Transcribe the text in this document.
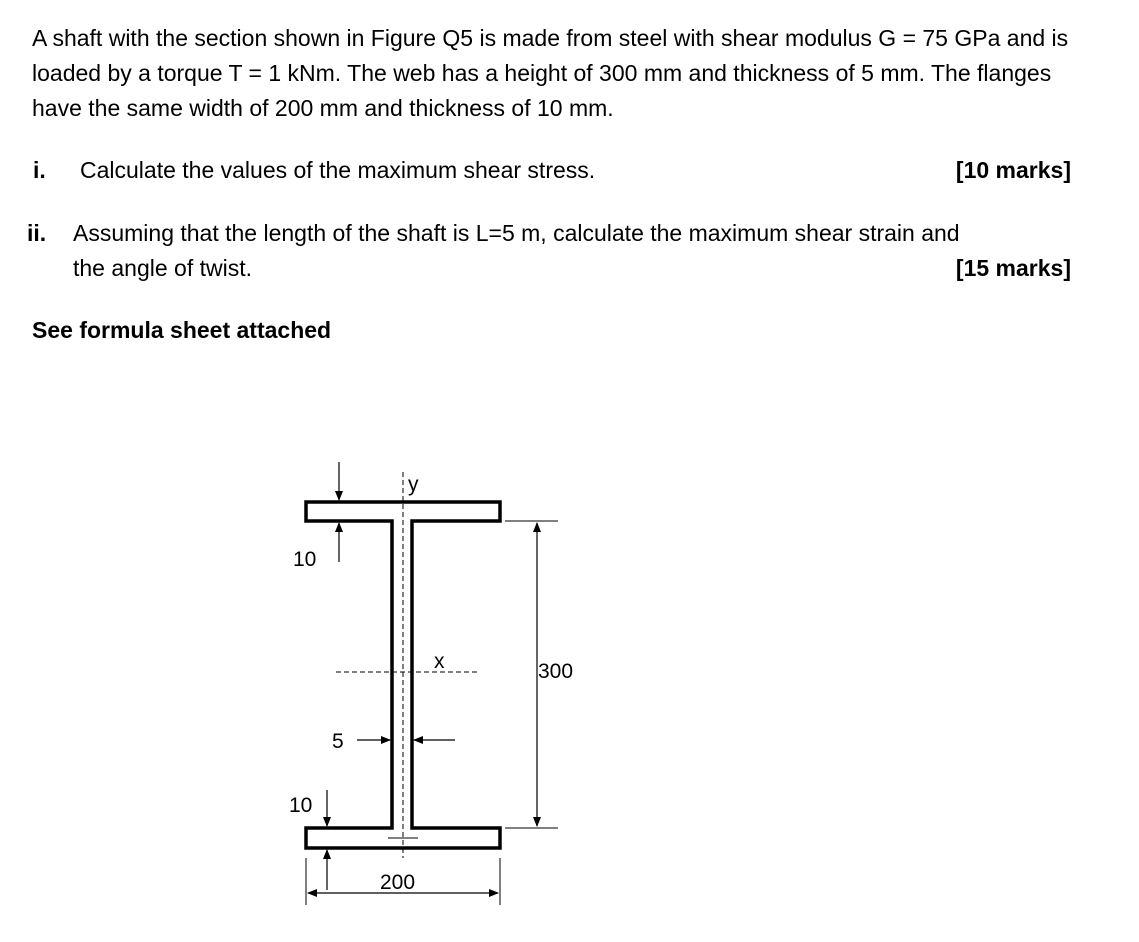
A shaft with the section shown in Figure Q5 is made from steel with shear modulus G = 75 GPa and is loaded by a torque T = 1 kNm. The web has a height of 300 mm and thickness of 5 mm. The flanges have the same width of 200 mm and thickness of 10 mm.

i. Calculate the values of the maximum shear stress.	[10 marks]
ii. Assuming that the length of the shaft is L=5 m, calculate the maximum shear strain and
the angle of twist.	[15 marks]
See formula sheet attached
y
x
10
5
10
300
200
